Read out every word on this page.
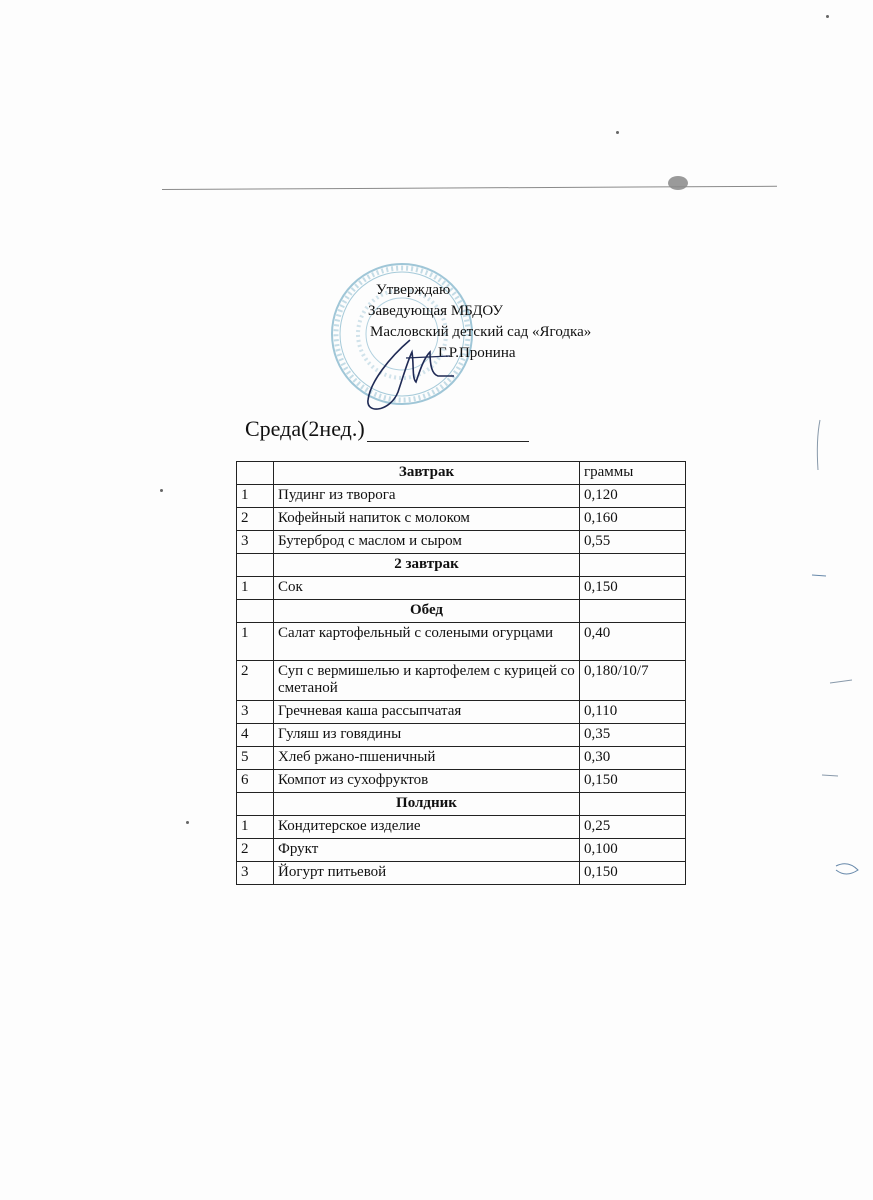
Утверждаю
Заведующая МБДОУ
Масловский детский сад «Ягодка»
Г.Р.Пронина
Среда(2нед.)
	Завтрак	граммы
1	Пудинг из творога	0,120
2	Кофейный напиток с молоком	0,160
3	Бутерброд с маслом и сыром	0,55
	2 завтрак	
1	Сок	0,150
	Обед	
1	Салат картофельный с солеными огурцами	0,40
2	Суп с вермишелью и картофелем с курицей со сметаной	0,180/10/7
3	Гречневая каша рассыпчатая	0,110
4	Гуляш из говядины	0,35
5	Хлеб ржано-пшеничный	0,30
6	Компот из сухофруктов	0,150
	Полдник	
1	Кондитерское изделие	0,25
2	Фрукт	0,100
3	Йогурт питьевой	0,150
